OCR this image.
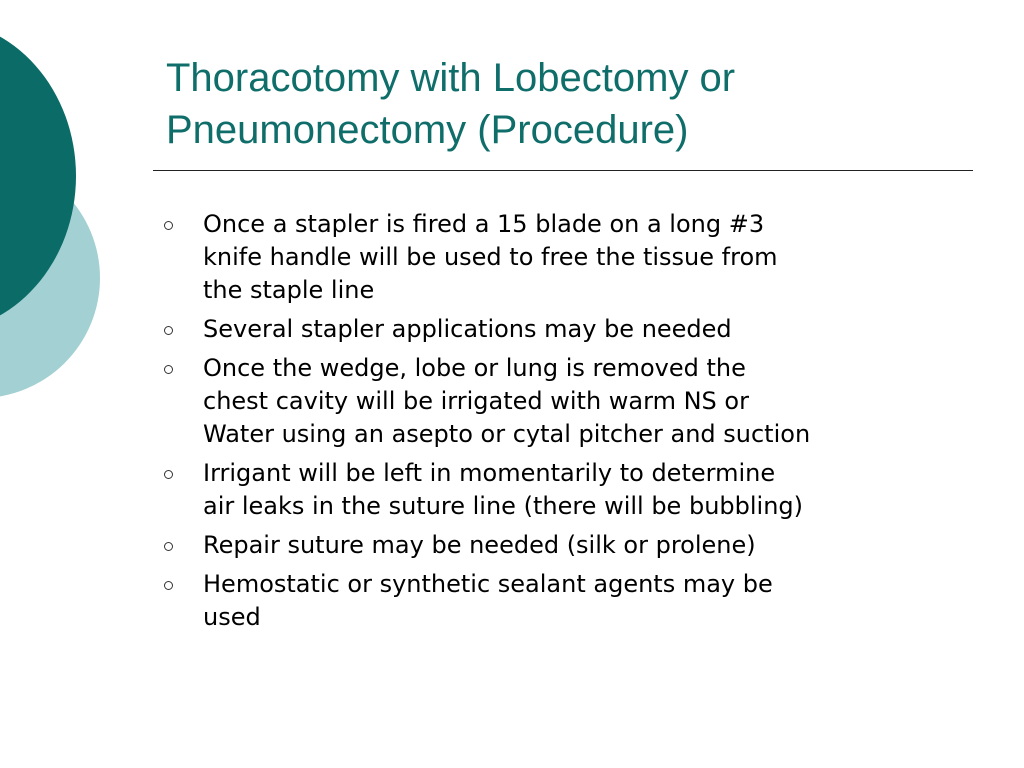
Thoracotomy with Lobectomy or
Pneumonectomy (Procedure)
Once a stapler is fired a 15 blade on a long #3
knife handle will be used to free the tissue from
the staple line
Several stapler applications may be needed
Once the wedge, lobe or lung is removed the
chest cavity will be irrigated with warm NS or
Water using an asepto or cytal pitcher and suction
Irrigant will be left in momentarily to determine
air leaks in the suture line (there will be bubbling)
Repair suture may be needed (silk or prolene)
Hemostatic or synthetic sealant agents may be
used
